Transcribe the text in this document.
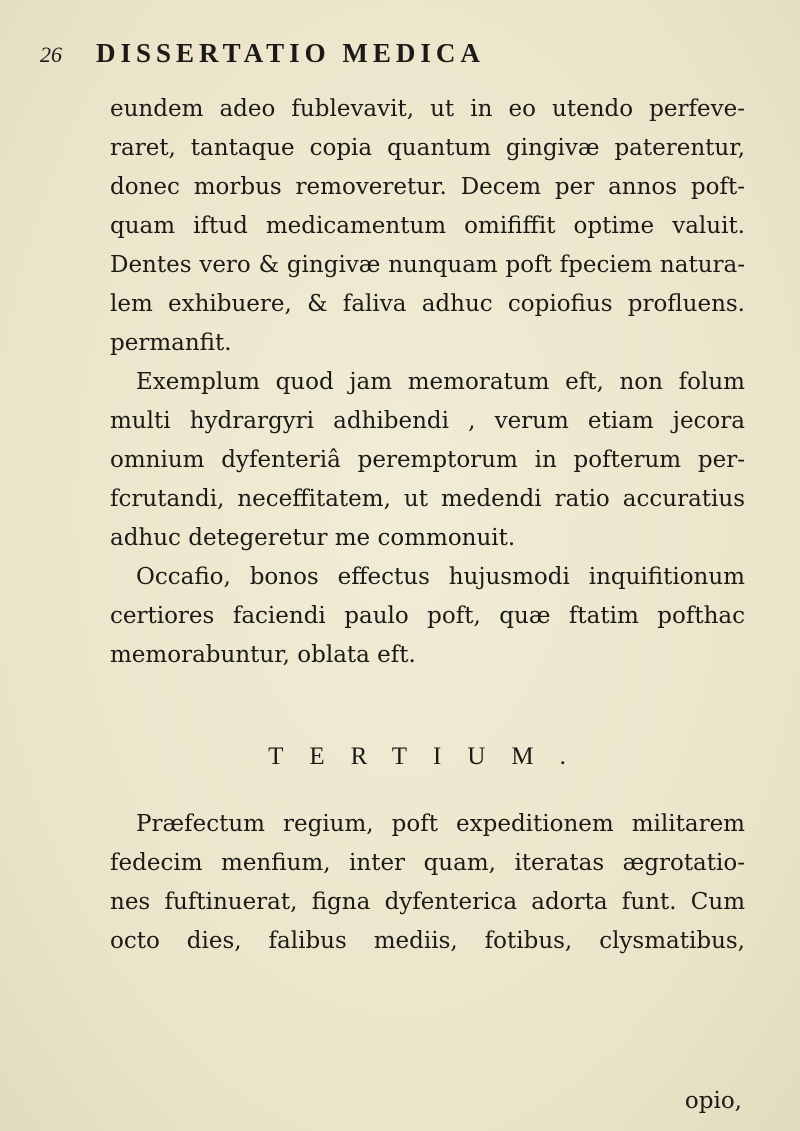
26 DISSERTATIO MEDICA
eundem adeo fublevavit, ut in eo utendo perfeve-
raret, tantaque copia quantum gingivæ paterentur,
donec morbus removeretur. Decem per annos poft-
quam iftud medicamentum omififfit optime valuit.
Dentes vero & gingivæ nunquam poft fpeciem natura-
lem exhibuere, & faliva adhuc copiofius profluens.
permanfit.
Exemplum quod jam memoratum eft, non folum
multi hydrargyri adhibendi , verum etiam jecora
omnium dyfenteriâ peremptorum in pofterum per-
fcrutandi, neceffitatem, ut medendi ratio accuratius
adhuc detegeretur me commonuit.
Occafio, bonos effectus hujusmodi inquifitionum
certiores faciendi paulo poft, quæ ftatim pofthac
memorabuntur, oblata eft.
TERTIUM.
Præfectum regium, poft expeditionem militarem
fedecim menfium, inter quam, iteratas ægrotatio-
nes fuftinuerat, figna dyfenterica adorta funt. Cum
octo dies, falibus mediis, fotibus, clysmatibus,
opio,
